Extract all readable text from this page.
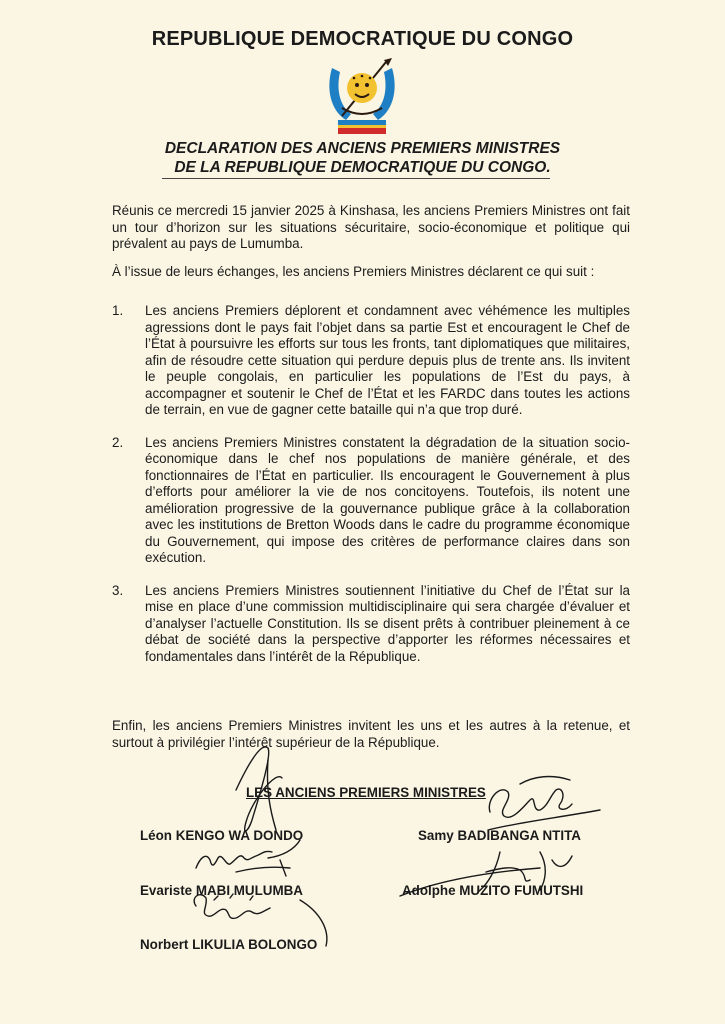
REPUBLIQUE DEMOCRATIQUE DU CONGO
DECLARATION DES ANCIENS PREMIERS MINISTRES
DE LA REPUBLIQUE DEMOCRATIQUE DU CONGO.
Réunis ce mercredi 15 janvier 2025 à Kinshasa, les anciens Premiers Ministres ont fait un tour d’horizon sur les situations sécuritaire, socio-économique et politique qui prévalent au pays de Lumumba.
À l’issue de leurs échanges, les anciens Premiers Ministres déclarent ce qui suit :
1. Les anciens Premiers déplorent et condamnent avec véhémence les multiples agressions dont le pays fait l’objet dans sa partie Est et encouragent le Chef de l’État à poursuivre les efforts sur tous les fronts, tant diplomatiques que militaires, afin de résoudre cette situation qui perdure depuis plus de trente ans. Ils invitent le peuple congolais, en particulier les populations de l’Est du pays, à accompagner et soutenir le Chef de l’État et les FARDC dans toutes les actions de terrain, en vue de gagner cette bataille qui n’a que trop duré.
2. Les anciens Premiers Ministres constatent la dégradation de la situation socio-économique dans le chef nos populations de manière générale, et des fonctionnaires de l’État en particulier. Ils encouragent le Gouvernement à plus d’efforts pour améliorer la vie de nos concitoyens. Toutefois, ils notent une amélioration progressive de la gouvernance publique grâce à la collaboration avec les institutions de Bretton Woods dans le cadre du programme économique du Gouvernement, qui impose des critères de performance claires dans son exécution.
3. Les anciens Premiers Ministres soutiennent l’initiative du Chef de l’État sur la mise en place d’une commission multidisciplinaire qui sera chargée d’évaluer et d’analyser l’actuelle Constitution. Ils se disent prêts à contribuer pleinement à ce débat de société dans la perspective d’apporter les réformes nécessaires et fondamentales dans l’intérêt de la République.
Enfin, les anciens Premiers Ministres invitent les uns et les autres à la retenue, et surtout à privilégier l’intérêt supérieur de la République.
LES ANCIENS PREMIERS MINISTRES
Léon KENGO WA DONDO	Samy BADIBANGA NTITA
Evariste MABI MULUMBA	Adolphe MUZITO FUMUTSHI
Norbert LIKULIA BOLONGO
